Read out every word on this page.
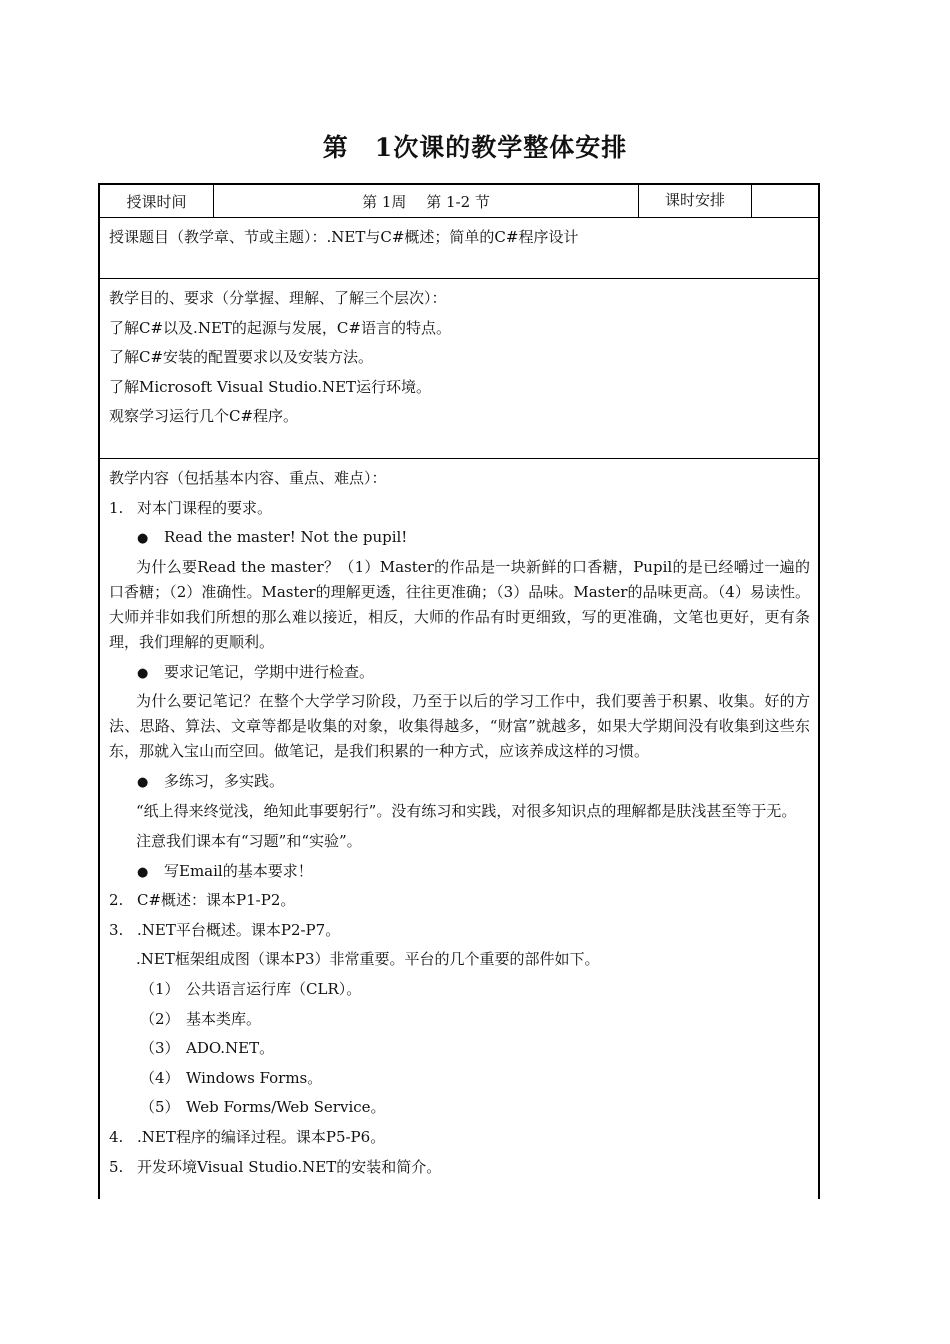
第　1次课的教学整体安排
授课时间	第 1周　 第 1-2 节	课时安排
授课题目（教学章、节或主题）：.NET与C#概述；简单的C#程序设计
教学目的、要求（分掌握、理解、了解三个层次）：
了解C#以及.NET的起源与发展，C#语言的特点。
了解C#安装的配置要求以及安装方法。
了解Microsoft Visual Studio.NET运行环境。
观察学习运行几个C#程序。
教学内容（包括基本内容、重点、难点）：
1. 对本门课程的要求。
● Read the master! Not the pupil!
为什么要Read the master？（1）Master的作品是一块新鲜的口香糖，Pupil的是已经嚼过一遍的口香糖；（2）准确性。Master的理解更透，往往更准确；（3）品味。Master的品味更高。（4）易读性。大师并非如我们所想的那么难以接近，相反，大师的作品有时更细致，写的更准确，文笔也更好，更有条理，我们理解的更顺利。
● 要求记笔记，学期中进行检查。
为什么要记笔记？在整个大学学习阶段，乃至于以后的学习工作中，我们要善于积累、收集。好的方法、思路、算法、文章等都是收集的对象，收集得越多，“财富”就越多，如果大学期间没有收集到这些东东，那就入宝山而空回。做笔记，是我们积累的一种方式，应该养成这样的习惯。
● 多练习，多实践。
“纸上得来终觉浅，绝知此事要躬行”。没有练习和实践，对很多知识点的理解都是肤浅甚至等于无。
注意我们课本有“习题”和“实验”。
● 写Email的基本要求！
2. C#概述：课本P1-P2。
3. .NET平台概述。课本P2-P7。
.NET框架组成图（课本P3）非常重要。平台的几个重要的部件如下。
（1） 公共语言运行库（CLR）。
（2） 基本类库。
（3） ADO.NET。
（4） Windows Forms。
（5） Web Forms/Web Service。
4. .NET程序的编译过程。课本P5-P6。
5. 开发环境Visual Studio.NET的安装和简介。
